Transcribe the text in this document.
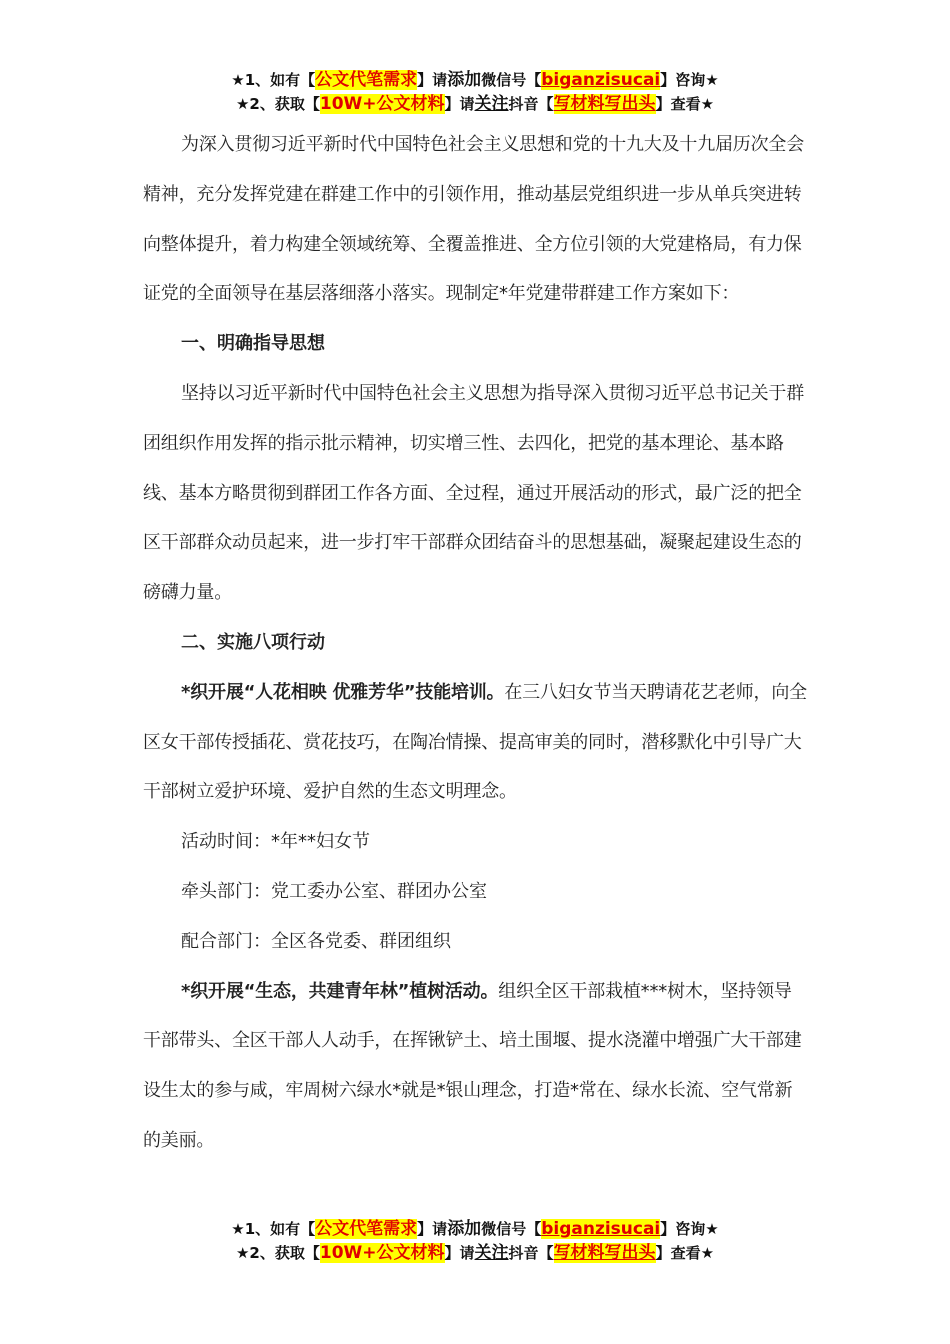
★1、如有【公文代笔需求】请添加微信号【biganzisucai】咨询★
★2、获取【10W+公文材料】请关注抖音【写材料写出头】查看★

为深入贯彻习近平新时代中国特色社会主义思想和党的十九大及十九届历次全会精神，充分发挥党建在群建工作中的引领作用，推动基层党组织进一步从单兵突进转向整体提升，着力构建全领域统筹、全覆盖推进、全方位引领的大党建格局，有力保证党的全面领导在基层落细落小落实。现制定*年党建带群建工作方案如下：

一、明确指导思想

坚持以习近平新时代中国特色社会主义思想为指导深入贯彻习近平总书记关于群团组织作用发挥的指示批示精神，切实增三性、去四化，把党的基本理论、基本路线、基本方略贯彻到群团工作各方面、全过程，通过开展活动的形式，最广泛的把全区干部群众动员起来，进一步打牢干部群众团结奋斗的思想基础，凝聚起建设生态的磅礴力量。

二、实施八项行动

*织开展“人花相映 优雅芳华”技能培训。在三八妇女节当天聘请花艺老师，向全区女干部传授插花、赏花技巧，在陶冶情操、提高审美的同时，潜移默化中引导广大干部树立爱护环境、爱护自然的生态文明理念。

活动时间：*年**妇女节

牵头部门：党工委办公室、群团办公室

配合部门：全区各党委、群团组织

*织开展“生态，共建青年林”植树活动。组织全区干部栽植***树木，坚持领导干部带头、全区干部人人动手，在挥锹铲土、培土围堰、提水浇灌中增强广大干部建设生太的参与咸，牢周树六绿水*就是*银山理念，打造*常在、绿水长流、空气常新的美丽。

★1、如有【公文代笔需求】请添加微信号【biganzisucai】咨询★
★2、获取【10W+公文材料】请关注抖音【写材料写出头】查看★
